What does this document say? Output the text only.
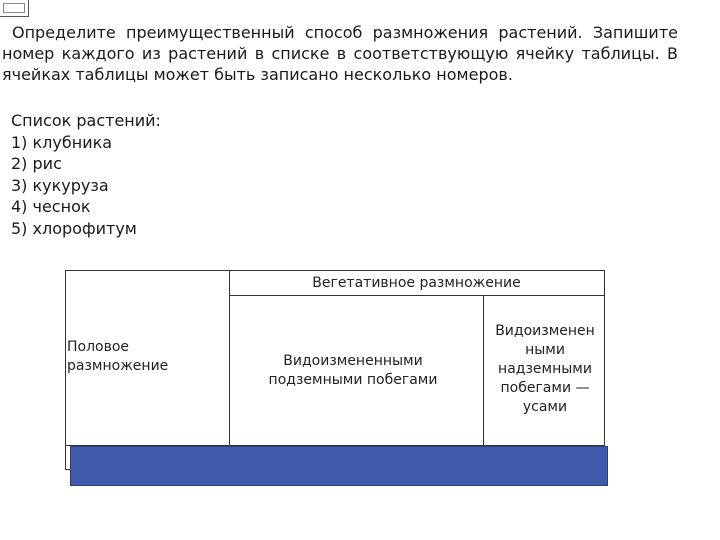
Определите преимущественный способ размножения растений. Запишите номер каждого из растений в списке в соответствующую ячейку таблицы. В ячейках таблицы может быть записано несколько номеров.

Список растений:
1) клубника
2) рис
3) кукуруза
4) чеснок
5) хлорофитум
Половое размножение
Вегетативное размножение
Видоизмененными подземными побегами
Видоизменен ными надземными побегами — усами
